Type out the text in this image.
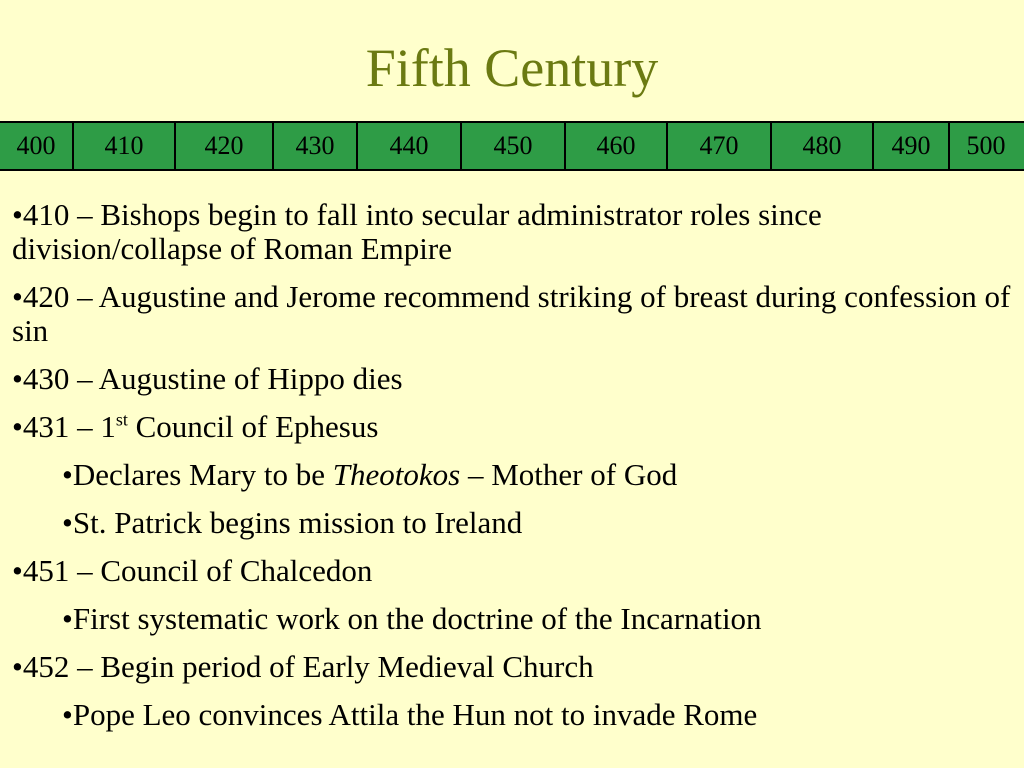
Fifth Century
400	410	420	430	440	450	460	470	480	490	500
•410 – Bishops begin to fall into secular administrator roles since division/collapse of Roman Empire
•420 – Augustine and Jerome recommend striking of breast during confession of sin
•430 – Augustine of Hippo dies
•431 – 1st Council of Ephesus
•Declares Mary to be Theotokos – Mother of God
•St. Patrick begins mission to Ireland
•451 – Council of Chalcedon
•First systematic work on the doctrine of the Incarnation
•452 – Begin period of Early Medieval Church
•Pope Leo convinces Attila the Hun not to invade Rome
